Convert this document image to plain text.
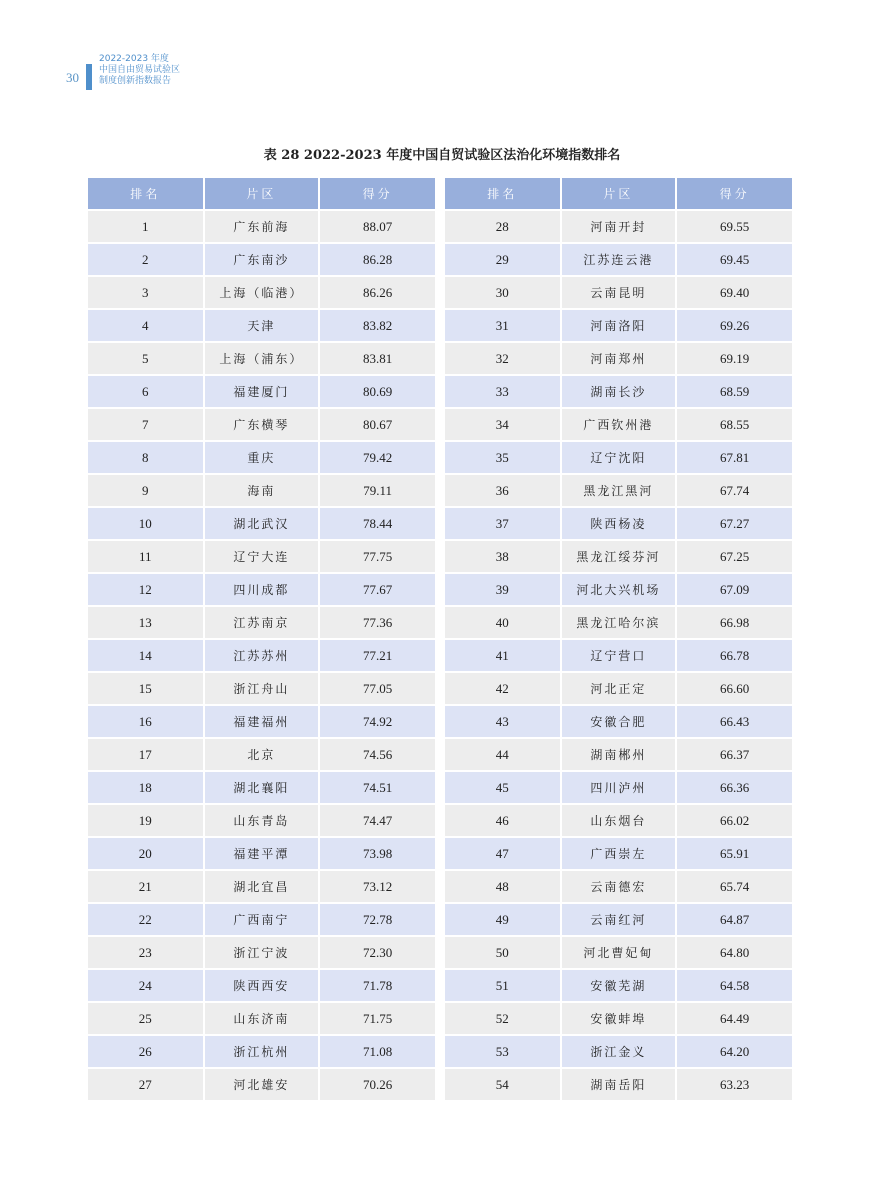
30
2022-2023 年度
中国自由贸易试验区
制度创新指数报告
表 28 2022-2023 年度中国自贸试验区法治化环境指数排名
排名	片区	得分
1	广东前海	88.07
2	广东南沙	86.28
3	上海（临港）	86.26
4	天津	83.82
5	上海（浦东）	83.81
6	福建厦门	80.69
7	广东横琴	80.67
8	重庆	79.42
9	海南	79.11
10	湖北武汉	78.44
11	辽宁大连	77.75
12	四川成都	77.67
13	江苏南京	77.36
14	江苏苏州	77.21
15	浙江舟山	77.05
16	福建福州	74.92
17	北京	74.56
18	湖北襄阳	74.51
19	山东青岛	74.47
20	福建平潭	73.98
21	湖北宜昌	73.12
22	广西南宁	72.78
23	浙江宁波	72.30
24	陕西西安	71.78
25	山东济南	71.75
26	浙江杭州	71.08
27	河北雄安	70.26
排名	片区	得分
28	河南开封	69.55
29	江苏连云港	69.45
30	云南昆明	69.40
31	河南洛阳	69.26
32	河南郑州	69.19
33	湖南长沙	68.59
34	广西钦州港	68.55
35	辽宁沈阳	67.81
36	黑龙江黑河	67.74
37	陕西杨凌	67.27
38	黑龙江绥芬河	67.25
39	河北大兴机场	67.09
40	黑龙江哈尔滨	66.98
41	辽宁营口	66.78
42	河北正定	66.60
43	安徽合肥	66.43
44	湖南郴州	66.37
45	四川泸州	66.36
46	山东烟台	66.02
47	广西崇左	65.91
48	云南德宏	65.74
49	云南红河	64.87
50	河北曹妃甸	64.80
51	安徽芜湖	64.58
52	安徽蚌埠	64.49
53	浙江金义	64.20
54	湖南岳阳	63.23
